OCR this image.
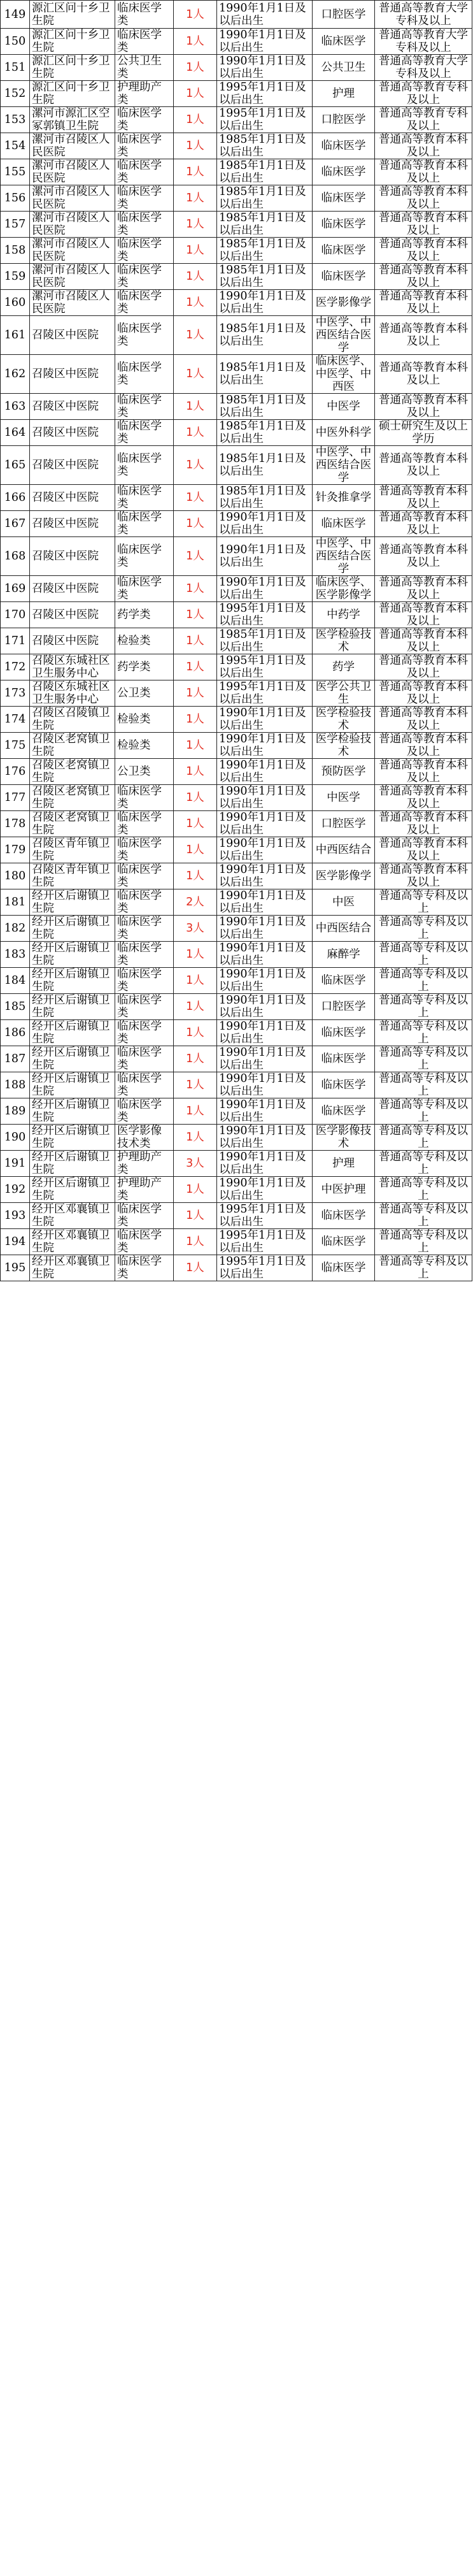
149	源汇区问十乡卫生院	临床医学类	1人	1990年1月1日及以后出生	口腔医学	普通高等教育大学专科及以上
150	源汇区问十乡卫生院	临床医学类	1人	1990年1月1日及以后出生	临床医学	普通高等教育大学专科及以上
151	源汇区问十乡卫生院	公共卫生类	1人	1990年1月1日及以后出生	公共卫生	普通高等教育大学专科及以上
152	源汇区问十乡卫生院	护理助产类	1人	1995年1月1日及以后出生	护理	普通高等教育专科及以上
153	漯河市源汇区空冢郭镇卫生院	临床医学类	1人	1995年1月1日及以后出生	口腔医学	普通高等教育专科及以上
154	漯河市召陵区人民医院	临床医学类	1人	1985年1月1日及以后出生	临床医学	普通高等教育本科及以上
155	漯河市召陵区人民医院	临床医学类	1人	1985年1月1日及以后出生	临床医学	普通高等教育本科及以上
156	漯河市召陵区人民医院	临床医学类	1人	1985年1月1日及以后出生	临床医学	普通高等教育本科及以上
157	漯河市召陵区人民医院	临床医学类	1人	1985年1月1日及以后出生	临床医学	普通高等教育本科及以上
158	漯河市召陵区人民医院	临床医学类	1人	1985年1月1日及以后出生	临床医学	普通高等教育本科及以上
159	漯河市召陵区人民医院	临床医学类	1人	1985年1月1日及以后出生	临床医学	普通高等教育本科及以上
160	漯河市召陵区人民医院	临床医学类	1人	1990年1月1日及以后出生	医学影像学	普通高等教育本科及以上
161	召陵区中医院	临床医学类	1人	1985年1月1日及以后出生	中医学、中西医结合医学	普通高等教育本科及以上
162	召陵区中医院	临床医学类	1人	1985年1月1日及以后出生	临床医学、中医学、中西医	普通高等教育本科及以上
163	召陵区中医院	临床医学类	1人	1985年1月1日及以后出生	中医学	普通高等教育本科及以上
164	召陵区中医院	临床医学类	1人	1985年1月1日及以后出生	中医外科学	硕士研究生及以上学历
165	召陵区中医院	临床医学类	1人	1985年1月1日及以后出生	中医学、中西医结合医学	普通高等教育本科及以上
166	召陵区中医院	临床医学类	1人	1985年1月1日及以后出生	针灸推拿学	普通高等教育本科及以上
167	召陵区中医院	临床医学类	1人	1990年1月1日及以后出生	临床医学	普通高等教育本科及以上
168	召陵区中医院	临床医学类	1人	1990年1月1日及以后出生	中医学、中西医结合医学	普通高等教育本科及以上
169	召陵区中医院	临床医学类	1人	1990年1月1日及以后出生	临床医学、医学影像学	普通高等教育本科及以上
170	召陵区中医院	药学类	1人	1995年1月1日及以后出生	中药学	普通高等教育本科及以上
171	召陵区中医院	检验类	1人	1985年1月1日及以后出生	医学检验技术	普通高等教育本科及以上
172	召陵区东城社区卫生服务中心	药学类	1人	1995年1月1日及以后出生	药学	普通高等教育本科及以上
173	召陵区东城社区卫生服务中心	公卫类	1人	1995年1月1日及以后出生	医学公共卫生	普通高等教育本科及以上
174	召陵区召陵镇卫生院	检验类	1人	1990年1月1日及以后出生	医学检验技术	普通高等教育本科及以上
175	召陵区老窝镇卫生院	检验类	1人	1990年1月1日及以后出生	医学检验技术	普通高等教育本科及以上
176	召陵区老窝镇卫生院	公卫类	1人	1990年1月1日及以后出生	预防医学	普通高等教育本科及以上
177	召陵区老窝镇卫生院	临床医学类	1人	1990年1月1日及以后出生	中医学	普通高等教育本科及以上
178	召陵区老窝镇卫生院	临床医学类	1人	1990年1月1日及以后出生	口腔医学	普通高等教育本科及以上
179	召陵区青年镇卫生院	临床医学类	1人	1990年1月1日及以后出生	中西医结合	普通高等教育本科及以上
180	召陵区青年镇卫生院	临床医学类	1人	1990年1月1日及以后出生	医学影像学	普通高等教育本科及以上
181	经开区后谢镇卫生院	临床医学类	2人	1990年1月1日及以后出生	中医	普通高等专科及以上
182	经开区后谢镇卫生院	临床医学类	3人	1990年1月1日及以后出生	中西医结合	普通高等专科及以上
183	经开区后谢镇卫生院	临床医学类	1人	1990年1月1日及以后出生	麻醉学	普通高等专科及以上
184	经开区后谢镇卫生院	临床医学类	1人	1990年1月1日及以后出生	临床医学	普通高等专科及以上
185	经开区后谢镇卫生院	临床医学类	1人	1990年1月1日及以后出生	口腔医学	普通高等专科及以上
186	经开区后谢镇卫生院	临床医学类	1人	1990年1月1日及以后出生	临床医学	普通高等专科及以上
187	经开区后谢镇卫生院	临床医学类	1人	1990年1月1日及以后出生	临床医学	普通高等专科及以上
188	经开区后谢镇卫生院	临床医学类	1人	1990年1月1日及以后出生	临床医学	普通高等专科及以上
189	经开区后谢镇卫生院	临床医学类	1人	1990年1月1日及以后出生	临床医学	普通高等专科及以上
190	经开区后谢镇卫生院	医学影像技术类	1人	1990年1月1日及以后出生	医学影像技术	普通高等专科及以上
191	经开区后谢镇卫生院	护理助产类	3人	1990年1月1日及以后出生	护理	普通高等专科及以上
192	经开区后谢镇卫生院	护理助产类	1人	1990年1月1日及以后出生	中医护理	普通高等专科及以上
193	经开区邓襄镇卫生院	临床医学类	1人	1995年1月1日及以后出生	临床医学	普通高等专科及以上
194	经开区邓襄镇卫生院	临床医学类	1人	1995年1月1日及以后出生	临床医学	普通高等专科及以上
195	经开区邓襄镇卫生院	临床医学类	1人	1995年1月1日及以后出生	临床医学	普通高等专科及以上
